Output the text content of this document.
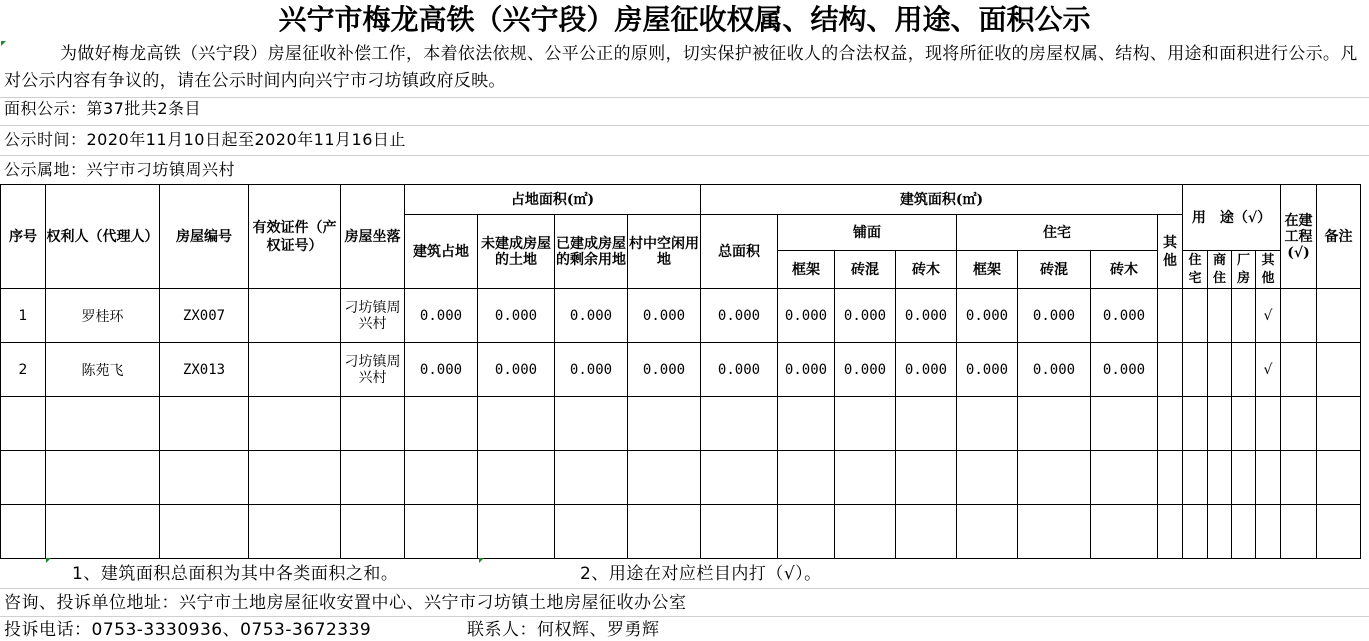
兴宁市梅龙高铁（兴宁段）房屋征收权属、结构、用途、面积公示
为做好梅龙高铁（兴宁段）房屋征收补偿工作，本着依法依规、公平公正的原则，切实保护被征收人的合法权益，现将所征收的房屋权属、结构、用途和面积进行公示。凡对公示内容有争议的，请在公示时间内向兴宁市刁坊镇政府反映。
面积公示：第37批共2条目
公示时间：2020年11月10日起至2020年11月16日止
公示属地：兴宁市刁坊镇周兴村
序号	权利人（代理人）	房屋编号	有效证件（产权证号）	房屋坐落	占地面积(㎡)				建筑面积(㎡)								用　途（√）				在建工程(√)	备注
					建筑占地	未建成房屋的土地	已建成房屋的剩余用地	村中空闲用地	总面积	铺面			住宅			其他						
										框架	砖混	砖木	框架	砖混	砖木		住宅	商住	厂房	其他		
1	罗桂环	ZX007		刁坊镇周兴村	0.000	0.000	0.000	0.000	0.000	0.000	0.000	0.000	0.000	0.000	0.000					√		
2	陈苑飞	ZX013		刁坊镇周兴村	0.000	0.000	0.000	0.000	0.000	0.000	0.000	0.000	0.000	0.000	0.000					√		

1、建筑面积总面积为其中各类面积之和。	2、用途在对应栏目内打（√）。
咨询、投诉单位地址：兴宁市土地房屋征收安置中心、兴宁市刁坊镇土地房屋征收办公室
投诉电话：0753-3330936、0753-3672339	联系人：何权辉、罗勇辉
